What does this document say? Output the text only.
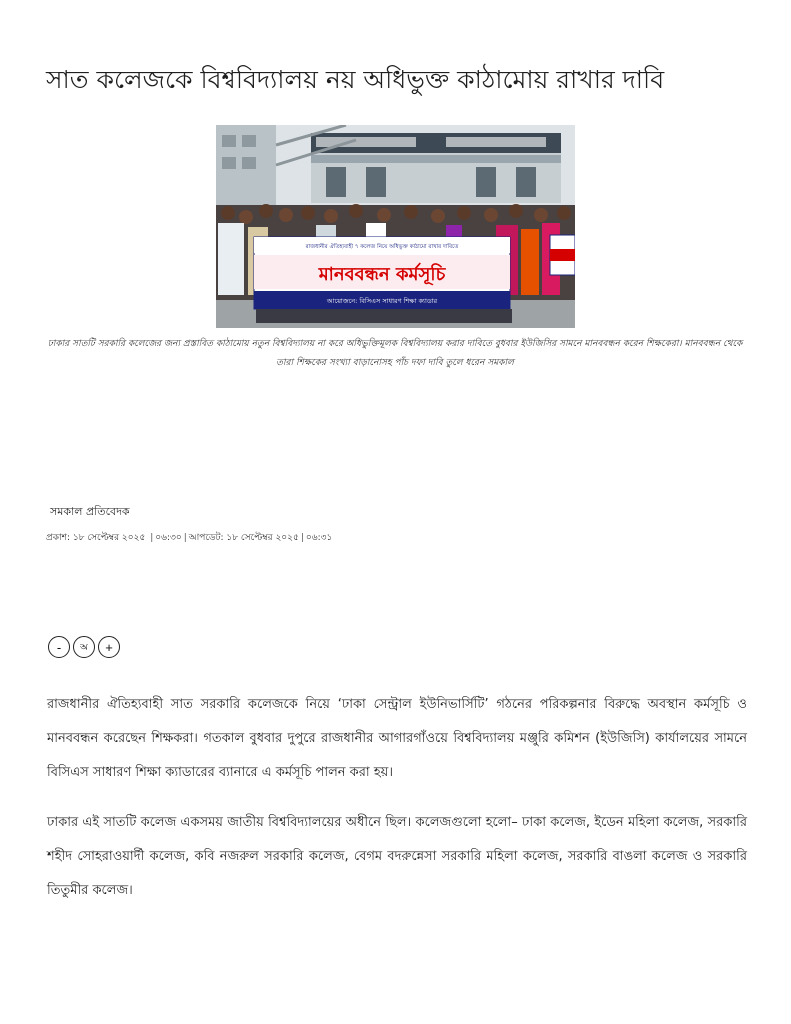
সাত কলেজকে বিশ্ববিদ্যালয় নয় অধিভুক্ত কাঠামোয় রাখার দাবি
রাজধানীর ঐতিহ্যবাহী ৭ কলেজ নিয়ে অধিভুক্ত কাঠামো রাখার দাবিতে
মানববন্ধন কর্মসূচি
আয়োজনে: বিসিএস সাধারণ শিক্ষা ক্যাডার

ঢাকার সাতটি সরকারি কলেজের জন্য প্রস্তাবিত কাঠামোয় নতুন বিশ্ববিদ্যালয় না করে অধিভুক্তিমূলক বিশ্ববিদ্যালয় করার দাবিতে বুধবার ইউজিসির সামনে মানববন্ধন করেন শিক্ষকেরা। মানববন্ধন থেকে তারা শিক্ষকের সংখ্যা বাড়ানোসহ পাঁচ দফা দাবি তুলে ধরেন সমকাল

সমকাল প্রতিবেদক

প্রকাশ: ১৮ সেপ্টেম্বর ২০২৫ | ০৬:৩০ | আপডেট: ১৮ সেপ্টেম্বর ২০২৫ | ০৬:৩১

-	অ	+

রাজধানীর ঐতিহ্যবাহী সাত সরকারি কলেজকে নিয়ে ‘ঢাকা সেন্ট্রাল ইউনিভার্সিটি’ গঠনের পরিকল্পনার বিরুদ্ধে অবস্থান কর্মসূচি ও মানববন্ধন করেছেন শিক্ষকরা। গতকাল বুধবার দুপুরে রাজধানীর আগারগাঁওয়ে বিশ্ববিদ্যালয় মঞ্জুরি কমিশন (ইউজিসি) কার্যালয়ের সামনে বিসিএস সাধারণ শিক্ষা ক্যাডারের ব্যানারে এ কর্মসূচি পালন করা হয়।

ঢাকার এই সাতটি কলেজ একসময় জাতীয় বিশ্ববিদ্যালয়ের অধীনে ছিল। কলেজগুলো হলো– ঢাকা কলেজ, ইডেন মহিলা কলেজ, সরকারি শহীদ সোহরাওয়ার্দী কলেজ, কবি নজরুল সরকারি কলেজ, বেগম বদরুন্নেসা সরকারি মহিলা কলেজ, সরকারি বাঙলা কলেজ ও সরকারি তিতুমীর কলেজ।
